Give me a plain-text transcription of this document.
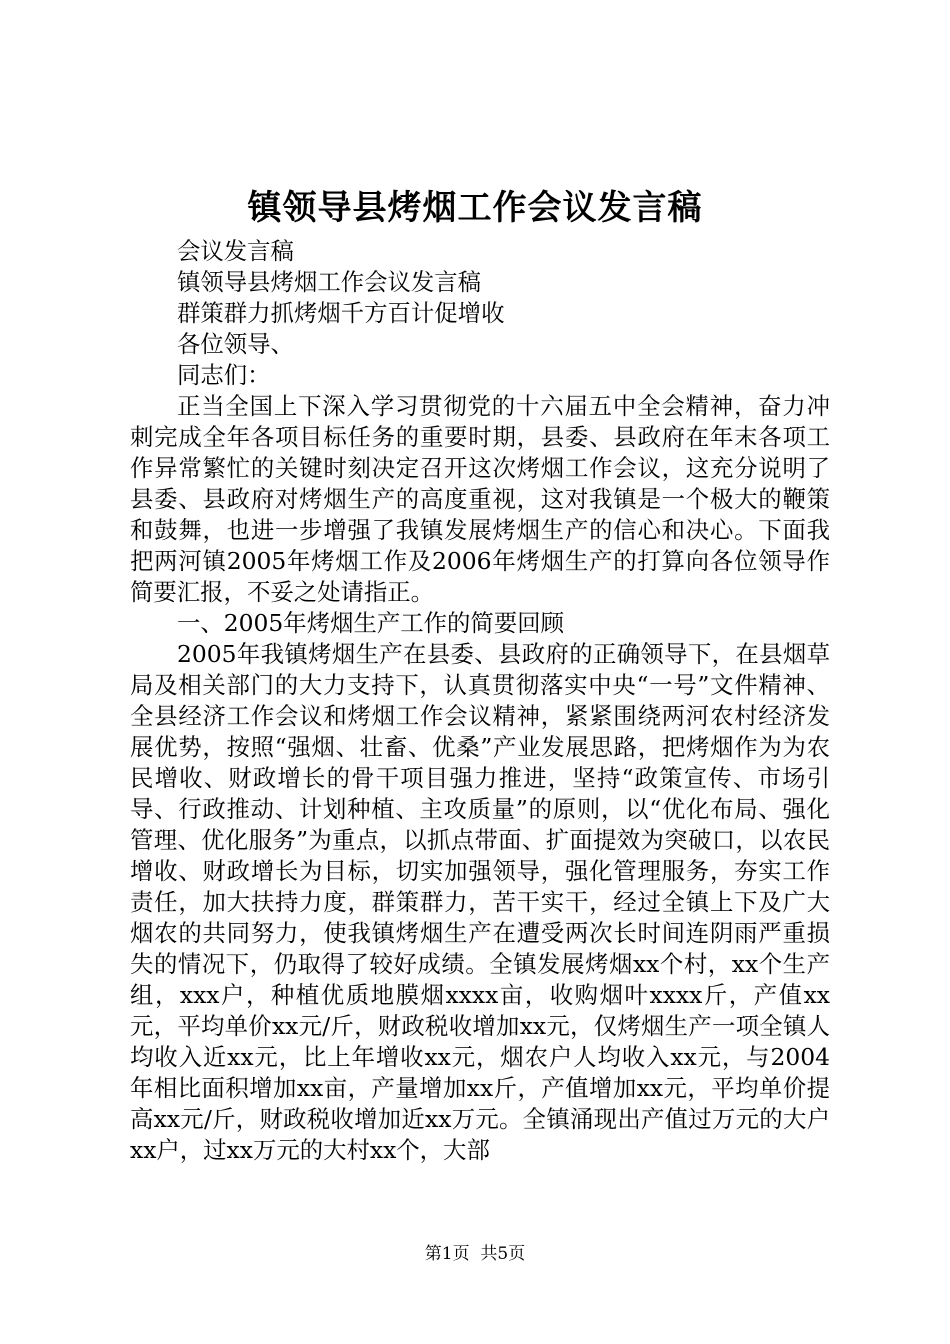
镇领导县烤烟工作会议发言稿

会议发言稿

镇领导县烤烟工作会议发言稿

群策群力抓烤烟千方百计促增收

各位领导、

同志们：

正当全国上下深入学习贯彻党的十六届五中全会精神，奋力冲刺完成全年各项目标任务的重要时期，县委、县政府在年末各项工作异常繁忙的关键时刻决定召开这次烤烟工作会议，这充分说明了县委、县政府对烤烟生产的高度重视，这对我镇是一个极大的鞭策和鼓舞，也进一步增强了我镇发展烤烟生产的信心和决心。下面我把两河镇2005年烤烟工作及2006年烤烟生产的打算向各位领导作简要汇报，不妥之处请指正。

一、2005年烤烟生产工作的简要回顾

2005年我镇烤烟生产在县委、县政府的正确领导下，在县烟草局及相关部门的大力支持下，认真贯彻落实中央“一号”文件精神、全县经济工作会议和烤烟工作会议精神，紧紧围绕两河农村经济发展优势，按照“强烟、壮畜、优桑”产业发展思路，把烤烟作为为农民增收、财政增长的骨干项目强力推进，坚持“政策宣传、市场引导、行政推动、计划种植、主攻质量”的原则，以“优化布局、强化管理、优化服务”为重点，以抓点带面、扩面提效为突破口，以农民增收、财政增长为目标，切实加强领导，强化管理服务，夯实工作责任，加大扶持力度，群策群力，苦干实干，经过全镇上下及广大烟农的共同努力，使我镇烤烟生产在遭受两次长时间连阴雨严重损失的情况下，仍取得了较好成绩。全镇发展烤烟xx个村，xx个生产组，xxx户，种植优质地膜烟xxxx亩，收购烟叶xxxx斤，产值xx元，平均单价xx元/斤，财政税收增加xx元，仅烤烟生产一项全镇人均收入近xx元，比上年增收xx元，烟农户人均收入xx元，与2004年相比面积增加xx亩，产量增加xx斤，产值增加xx元，平均单价提高xx元/斤，财政税收增加近xx万元。全镇涌现出产值过万元的大户xx户，过xx万元的大村xx个，大部

第1页 共5页
